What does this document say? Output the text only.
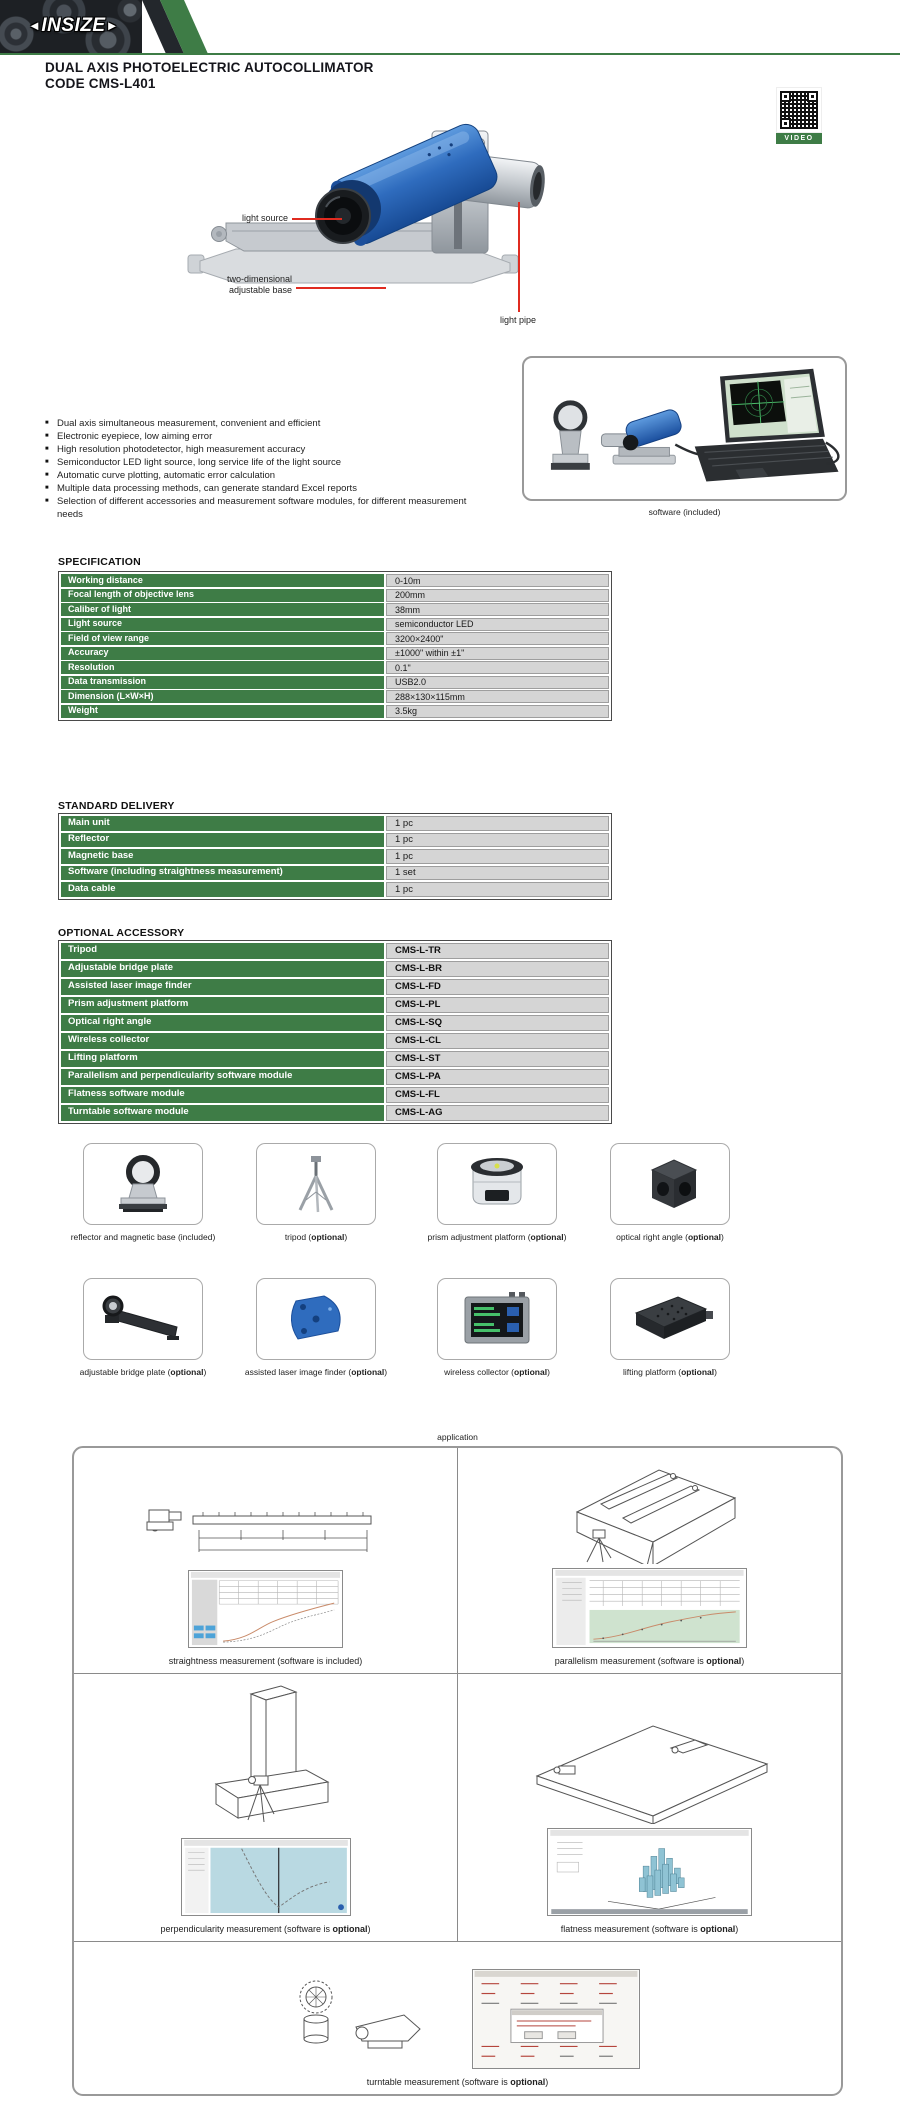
◄INSIZE►
DUAL AXIS PHOTOELECTRIC AUTOCOLLIMATOR
CODE CMS-L401
VIDEO
light source
two-dimensional adjustable base
light pipe
■ Dual axis simultaneous measurement, convenient and efficient
■ Electronic eyepiece, low aiming error
■ High resolution photodetector, high measurement accuracy
■ Semiconductor LED light source, long service life of the light source
■ Automatic curve plotting, automatic error calculation
■ Multiple data processing methods, can generate standard Excel reports
■ Selection of different accessories and measurement software modules, for different measurement needs	software (included)
SPECIFICATION
Working distance	0-10m
Focal length of objective lens	200mm
Caliber of light	38mm
Light source	semiconductor LED
Field of view range	3200×2400"
Accuracy	±1000" within ±1"
Resolution	0.1"
Data transmission	USB2.0
Dimension (L×W×H)	288×130×115mm
Weight	3.5kg
STANDARD DELIVERY
Main unit	1 pc
Reflector	1 pc
Magnetic base	1 pc
Software (including straightness measurement)	1 set
Data cable	1 pc
OPTIONAL ACCESSORY
Tripod	CMS-L-TR
Adjustable bridge plate	CMS-L-BR
Assisted laser image finder	CMS-L-FD
Prism adjustment platform	CMS-L-PL
Optical right angle	CMS-L-SQ
Wireless collector	CMS-L-CL
Lifting platform	CMS-L-ST
Parallelism and perpendicularity software module	CMS-L-PA
Flatness software module	CMS-L-FL
Turntable software module	CMS-L-AG
reflector and magnetic base (included)	tripod (optional)	prism adjustment platform (optional)	optical right angle (optional)
adjustable bridge plate (optional)	assisted laser image finder (optional)	wireless collector (optional)	lifting platform (optional)
application
straightness measurement (software is included)	parallelism measurement (software is optional)
perpendicularity measurement (software is optional)	flatness measurement (software is optional)
turntable measurement (software is optional)
